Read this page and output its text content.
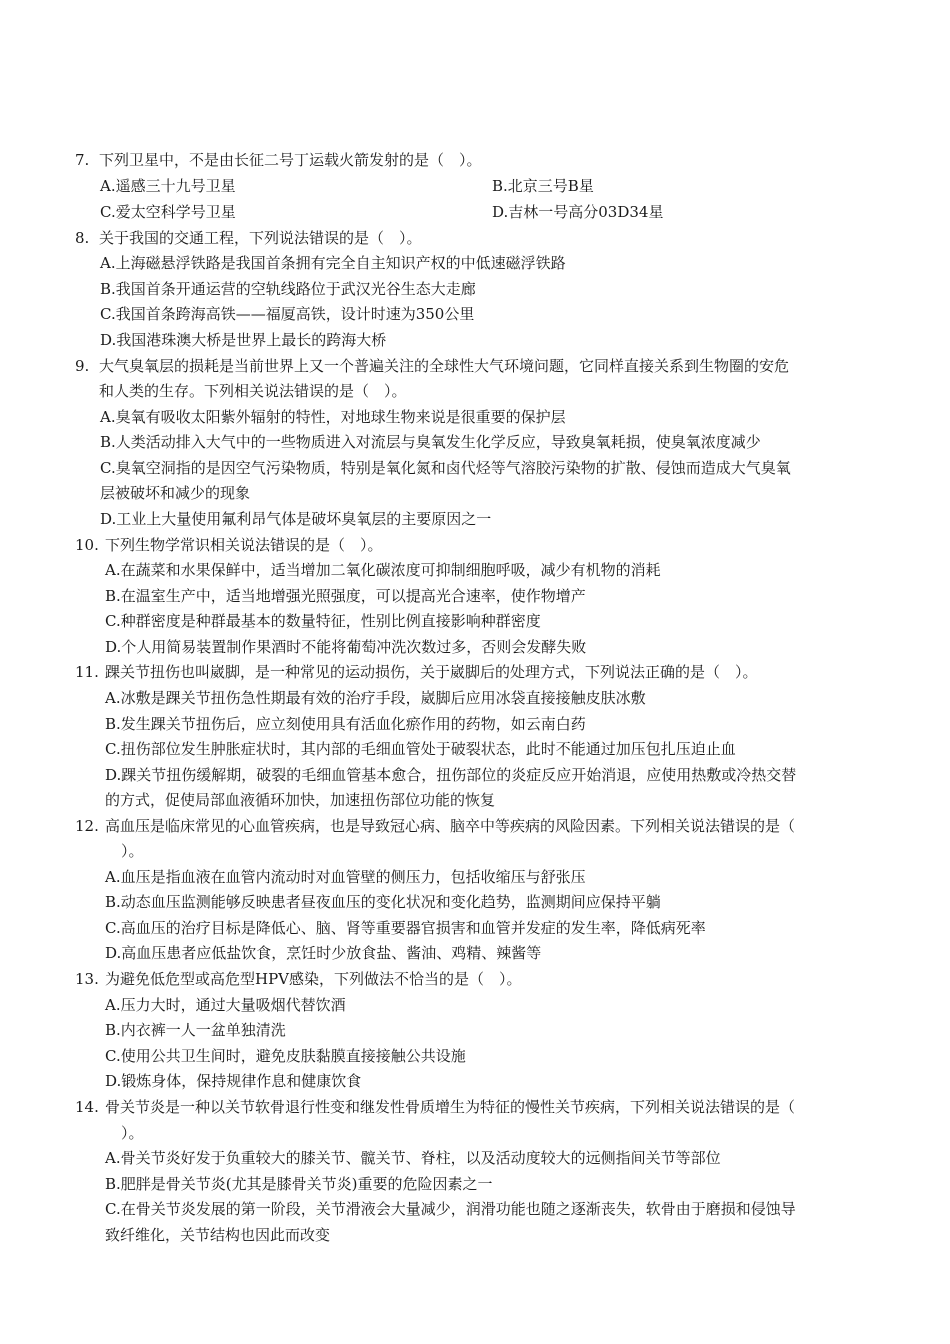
7. 下列卫星中，不是由长征二号丁运载火箭发射的是（　）。
A.遥感三十九号卫星	B.北京三号B星
C.爱太空科学号卫星	D.吉林一号高分03D34星
8. 关于我国的交通工程，下列说法错误的是（　）。
A.上海磁悬浮铁路是我国首条拥有完全自主知识产权的中低速磁浮铁路
B.我国首条开通运营的空轨线路位于武汉光谷生态大走廊
C.我国首条跨海高铁——福厦高铁，设计时速为350公里
D.我国港珠澳大桥是世界上最长的跨海大桥
9. 大气臭氧层的损耗是当前世界上又一个普遍关注的全球性大气环境问题，它同样直接关系到生物圈的安危
和人类的生存。下列相关说法错误的是（　）。
A.臭氧有吸收太阳紫外辐射的特性，对地球生物来说是很重要的保护层
B.人类活动排入大气中的一些物质进入对流层与臭氧发生化学反应，导致臭氧耗损，使臭氧浓度减少
C.臭氧空洞指的是因空气污染物质，特别是氧化氮和卤代烃等气溶胶污染物的扩散、侵蚀而造成大气臭氧
层被破坏和减少的现象
D.工业上大量使用氟利昂气体是破坏臭氧层的主要原因之一
10. 下列生物学常识相关说法错误的是（　）。
A.在蔬菜和水果保鲜中，适当增加二氧化碳浓度可抑制细胞呼吸，减少有机物的消耗
B.在温室生产中，适当地增强光照强度，可以提高光合速率，使作物增产
C.种群密度是种群最基本的数量特征，性别比例直接影响种群密度
D.个人用简易装置制作果酒时不能将葡萄冲洗次数过多，否则会发酵失败
11. 踝关节扭伤也叫崴脚，是一种常见的运动损伤，关于崴脚后的处理方式，下列说法正确的是（　）。
A.冰敷是踝关节扭伤急性期最有效的治疗手段，崴脚后应用冰袋直接接触皮肤冰敷
B.发生踝关节扭伤后，应立刻使用具有活血化瘀作用的药物，如云南白药
C.扭伤部位发生肿胀症状时，其内部的毛细血管处于破裂状态，此时不能通过加压包扎压迫止血
D.踝关节扭伤缓解期，破裂的毛细血管基本愈合，扭伤部位的炎症反应开始消退，应使用热敷或冷热交替
的方式，促使局部血液循环加快，加速扭伤部位功能的恢复
12. 高血压是临床常见的心血管疾病，也是导致冠心病、脑卒中等疾病的风险因素。下列相关说法错误的是（
）。
A.血压是指血液在血管内流动时对血管壁的侧压力，包括收缩压与舒张压
B.动态血压监测能够反映患者昼夜血压的变化状况和变化趋势，监测期间应保持平躺
C.高血压的治疗目标是降低心、脑、肾等重要器官损害和血管并发症的发生率，降低病死率
D.高血压患者应低盐饮食，烹饪时少放食盐、酱油、鸡精、辣酱等
13. 为避免低危型或高危型HPV感染，下列做法不恰当的是（　）。
A.压力大时，通过大量吸烟代替饮酒
B.内衣裤一人一盆单独清洗
C.使用公共卫生间时，避免皮肤黏膜直接接触公共设施
D.锻炼身体，保持规律作息和健康饮食
14. 骨关节炎是一种以关节软骨退行性变和继发性骨质增生为特征的慢性关节疾病，下列相关说法错误的是（
）。
A.骨关节炎好发于负重较大的膝关节、髋关节、脊柱，以及活动度较大的远侧指间关节等部位
B.肥胖是骨关节炎(尤其是膝骨关节炎)重要的危险因素之一
C.在骨关节炎发展的第一阶段，关节滑液会大量减少，润滑功能也随之逐渐丧失，软骨由于磨损和侵蚀导
致纤维化，关节结构也因此而改变
